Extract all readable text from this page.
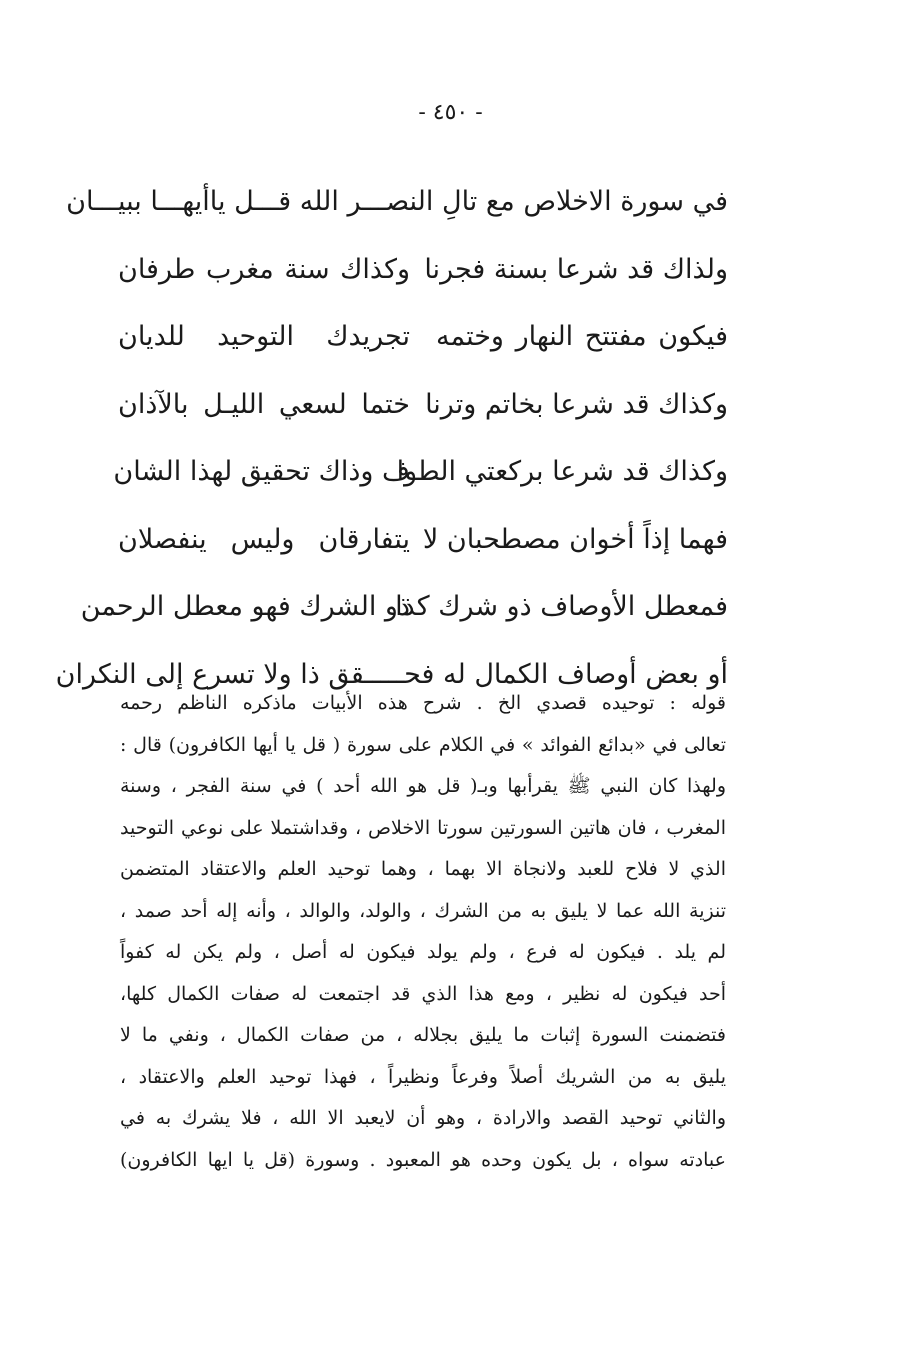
- ٤٥٠ -
في سورة الاخلاص مع تالِ النصـــر الله قـــل ياأيهـــا ببيـــان
ولذاك قد شرعا بسنة فجرنا
وكذاك سنة مغرب طرفان
فيكون مفتتح النهار وختمه
تجريدك التوحيد للديان
وكذاك قد شرعا بخاتم وترنا
ختما لسعي الليـل بالآذان
وكذاك قد شرعا بركعتي الطوا
ف وذاك تحقيق لهذا الشان
فهما إذاً أخوان مصطحبان لا
يتفارقان وليس ينفصلان
فمعطل الأوصاف ذو شرك كذا
ذو الشرك فهو معطل الرحمن
أو بعض أوصاف الكمال له فحـــــقق ذا ولا تسرع إلى النكران
قوله : توحيده قصدي الخ . شرح هذه الأبيات ماذكره الناظم رحمه
تعالى في «بدائع الفوائد » في الكلام على سورة ( قل يا أيها الكافرون) قال :
ولهذا كان النبي ﷺ يقرأبها وبـ( قل هو الله أحد ) في سنة الفجر ، وسنة
المغرب ، فان هاتين السورتين سورتا الاخلاص ، وقداشتملا على نوعي التوحيد
الذي لا فلاح للعبد ولانجاة الا بهما ، وهما توحيد العلم والاعتقاد المتضمن
تنزية الله عما لا يليق به من الشرك ، والولد، والوالد ، وأنه إله أحد صمد ،
لم يلد . فيكون له فرع ، ولم يولد فيكون له أصل ، ولم يكن له كفواً
أحد فيكون له نظير ، ومع هذا الذي قد اجتمعت له صفات الكمال كلها،
فتضمنت السورة إثبات ما يليق بجلاله ، من صفات الكمال ، ونفي ما لا
يليق به من الشريك أصلاً وفرعاً ونظيراً ، فهذا توحيد العلم والاعتقاد ،
والثاني توحيد القصد والارادة ، وهو أن لايعبد الا الله ، فلا يشرك به في
عبادته سواه ، بل يكون وحده هو المعبود . وسورة (قل يا ايها الكافرون)
